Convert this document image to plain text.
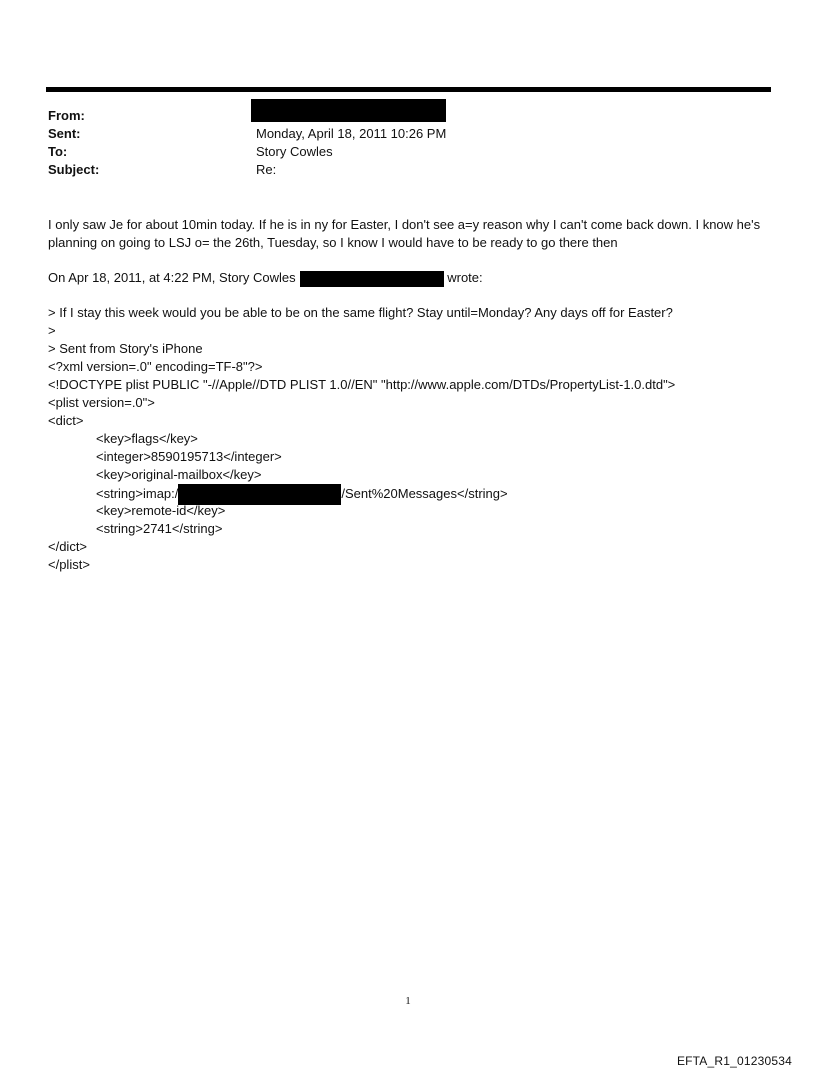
From:
Sent:	Monday, April 18, 2011 10:26 PM
To:	Story Cowles
Subject:	Re:

I only saw Je for about 10min today. If he is in ny for Easter, I don't see a=y reason why I can't come back down. I know he's planning on going to LSJ o= the 26th, Tuesday, so I know I would have to be ready to go there then

On Apr 18, 2011, at 4:22 PM, Story Cowles	wrote:
> If I stay this week would you be able to be on the same flight? Stay until=Monday? Any days off for Easter?
>
> Sent from Story's iPhone
<?xml version=.0" encoding=TF-8"?>
<!DOCTYPE plist PUBLIC "-//Apple//DTD PLIST 1.0//EN" "http://www.apple.com/DTDs/PropertyList-1.0.dtd">
<plist version=.0">
<dict>
<key>flags</key>
<integer>8590195713</integer>
<key>original-mailbox</key>
<string>imap:/	/Sent%20Messages</string>
<key>remote-id</key>
<string>2741</string>
</dict>
</plist>
1
EFTA_R1_01230534
